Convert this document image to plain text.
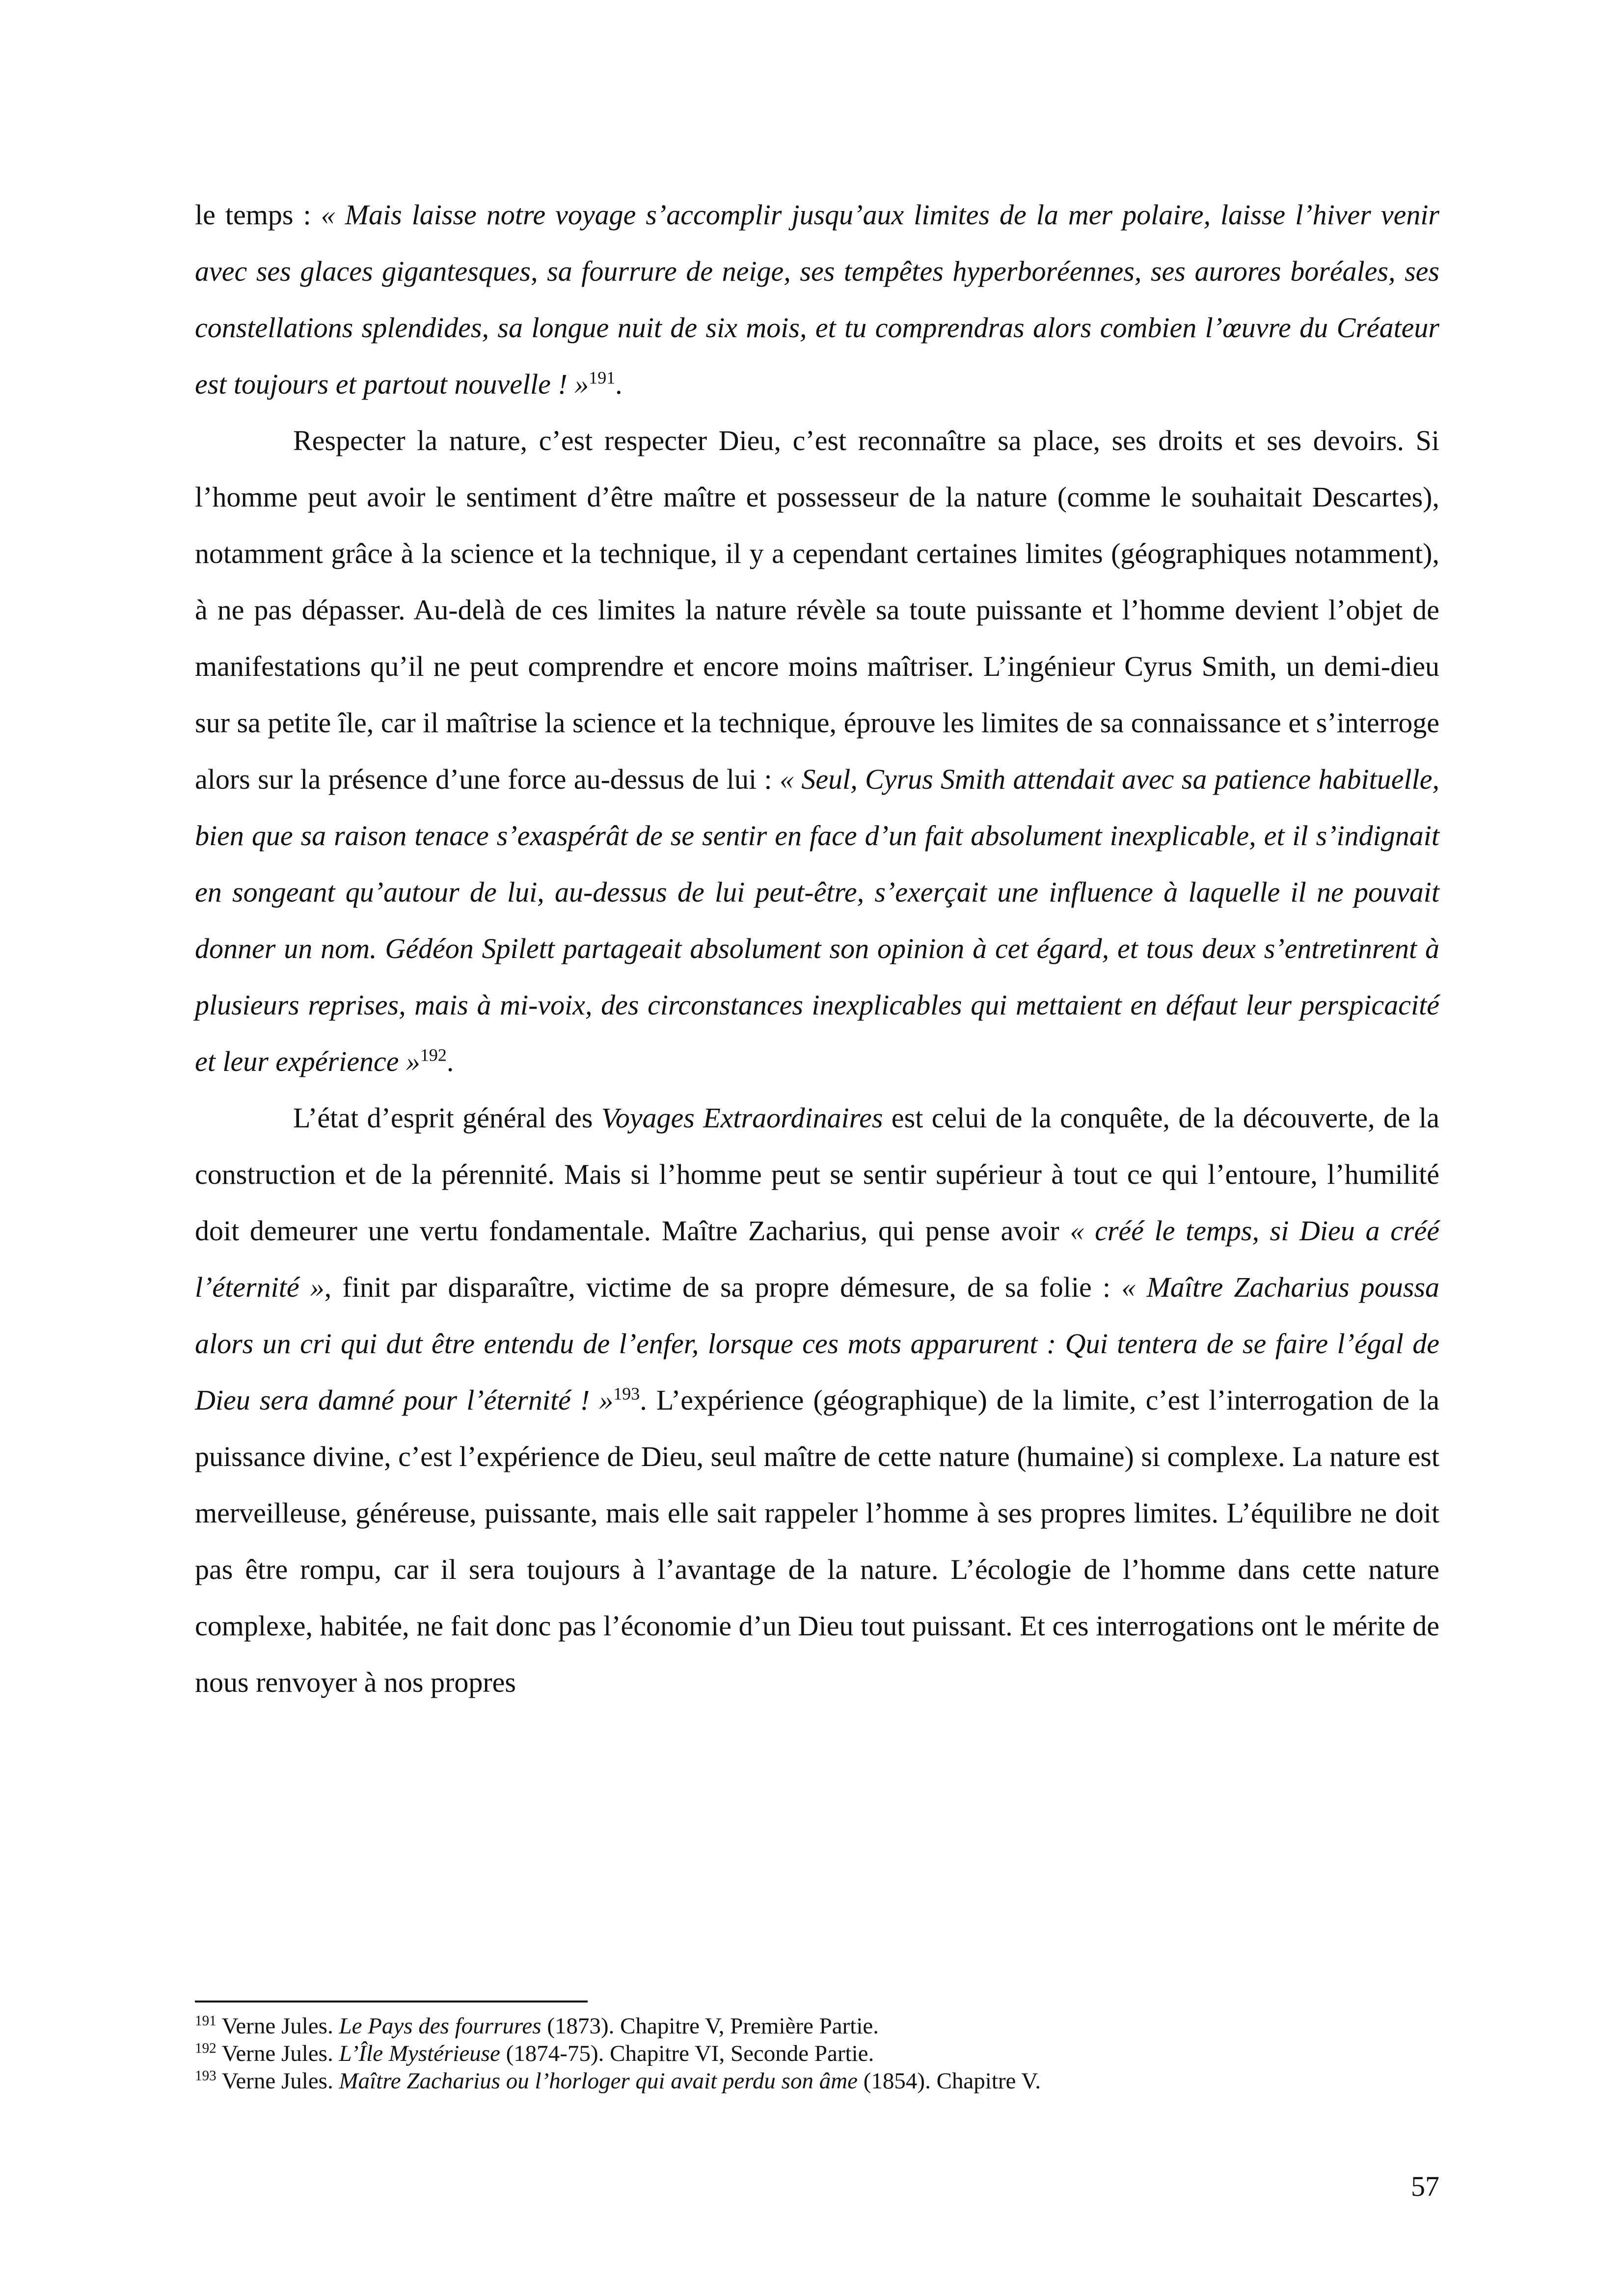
le temps : « Mais laisse notre voyage s’accomplir jusqu’aux limites de la mer polaire, laisse l’hiver venir avec ses glaces gigantesques, sa fourrure de neige, ses tempêtes hyperboréennes, ses aurores boréales, ses constellations splendides, sa longue nuit de six mois, et tu comprendras alors combien l’œuvre du Créateur est toujours et partout nouvelle ! »$^{191}$.

Respecter la nature, c’est respecter Dieu, c’est reconnaître sa place, ses droits et ses devoirs. Si l’homme peut avoir le sentiment d’être maître et possesseur de la nature (comme le souhaitait Descartes), notamment grâce à la science et la technique, il y a cependant certaines limites (géographiques notamment), à ne pas dépasser. Au-delà de ces limites la nature révèle sa toute puissante et l’homme devient l’objet de manifestations qu’il ne peut comprendre et encore moins maîtriser. L’ingénieur Cyrus Smith, un demi-dieu sur sa petite île, car il maîtrise la science et la technique, éprouve les limites de sa connaissance et s’interroge alors sur la présence d’une force au-dessus de lui : « Seul, Cyrus Smith attendait avec sa patience habituelle, bien que sa raison tenace s’exaspérât de se sentir en face d’un fait absolument inexplicable, et il s’indignait en songeant qu’autour de lui, au-dessus de lui peut-être, s’exerçait une influence à laquelle il ne pouvait donner un nom. Gédéon Spilett partageait absolument son opinion à cet égard, et tous deux s’entretinrent à plusieurs reprises, mais à mi-voix, des circonstances inexplicables qui mettaient en défaut leur perspicacité et leur expérience »$^{192}$.

L’état d’esprit général des Voyages Extraordinaires est celui de la conquête, de la découverte, de la construction et de la pérennité. Mais si l’homme peut se sentir supérieur à tout ce qui l’entoure, l’humilité doit demeurer une vertu fondamentale. Maître Zacharius, qui pense avoir « créé le temps, si Dieu a créé l’éternité », finit par disparaître, victime de sa propre démesure, de sa folie : « Maître Zacharius poussa alors un cri qui dut être entendu de l’enfer, lorsque ces mots apparurent : Qui tentera de se faire l’égal de Dieu sera damné pour l’éternité ! »$^{193}$. L’expérience (géographique) de la limite, c’est l’interrogation de la puissance divine, c’est l’expérience de Dieu, seul maître de cette nature (humaine) si complexe. La nature est merveilleuse, généreuse, puissante, mais elle sait rappeler l’homme à ses propres limites. L’équilibre ne doit pas être rompu, car il sera toujours à l’avantage de la nature. L’écologie de l’homme dans cette nature complexe, habitée, ne fait donc pas l’économie d’un Dieu tout puissant. Et ces interrogations ont le mérite de nous renvoyer à nos propres

$^{191}$ Verne Jules. Le Pays des fourrures (1873). Chapitre V, Première Partie.

$^{192}$ Verne Jules. L’Île Mystérieuse (1874-75). Chapitre VI, Seconde Partie.

$^{193}$ Verne Jules. Maître Zacharius ou l’horloger qui avait perdu son âme (1854). Chapitre V.

57
